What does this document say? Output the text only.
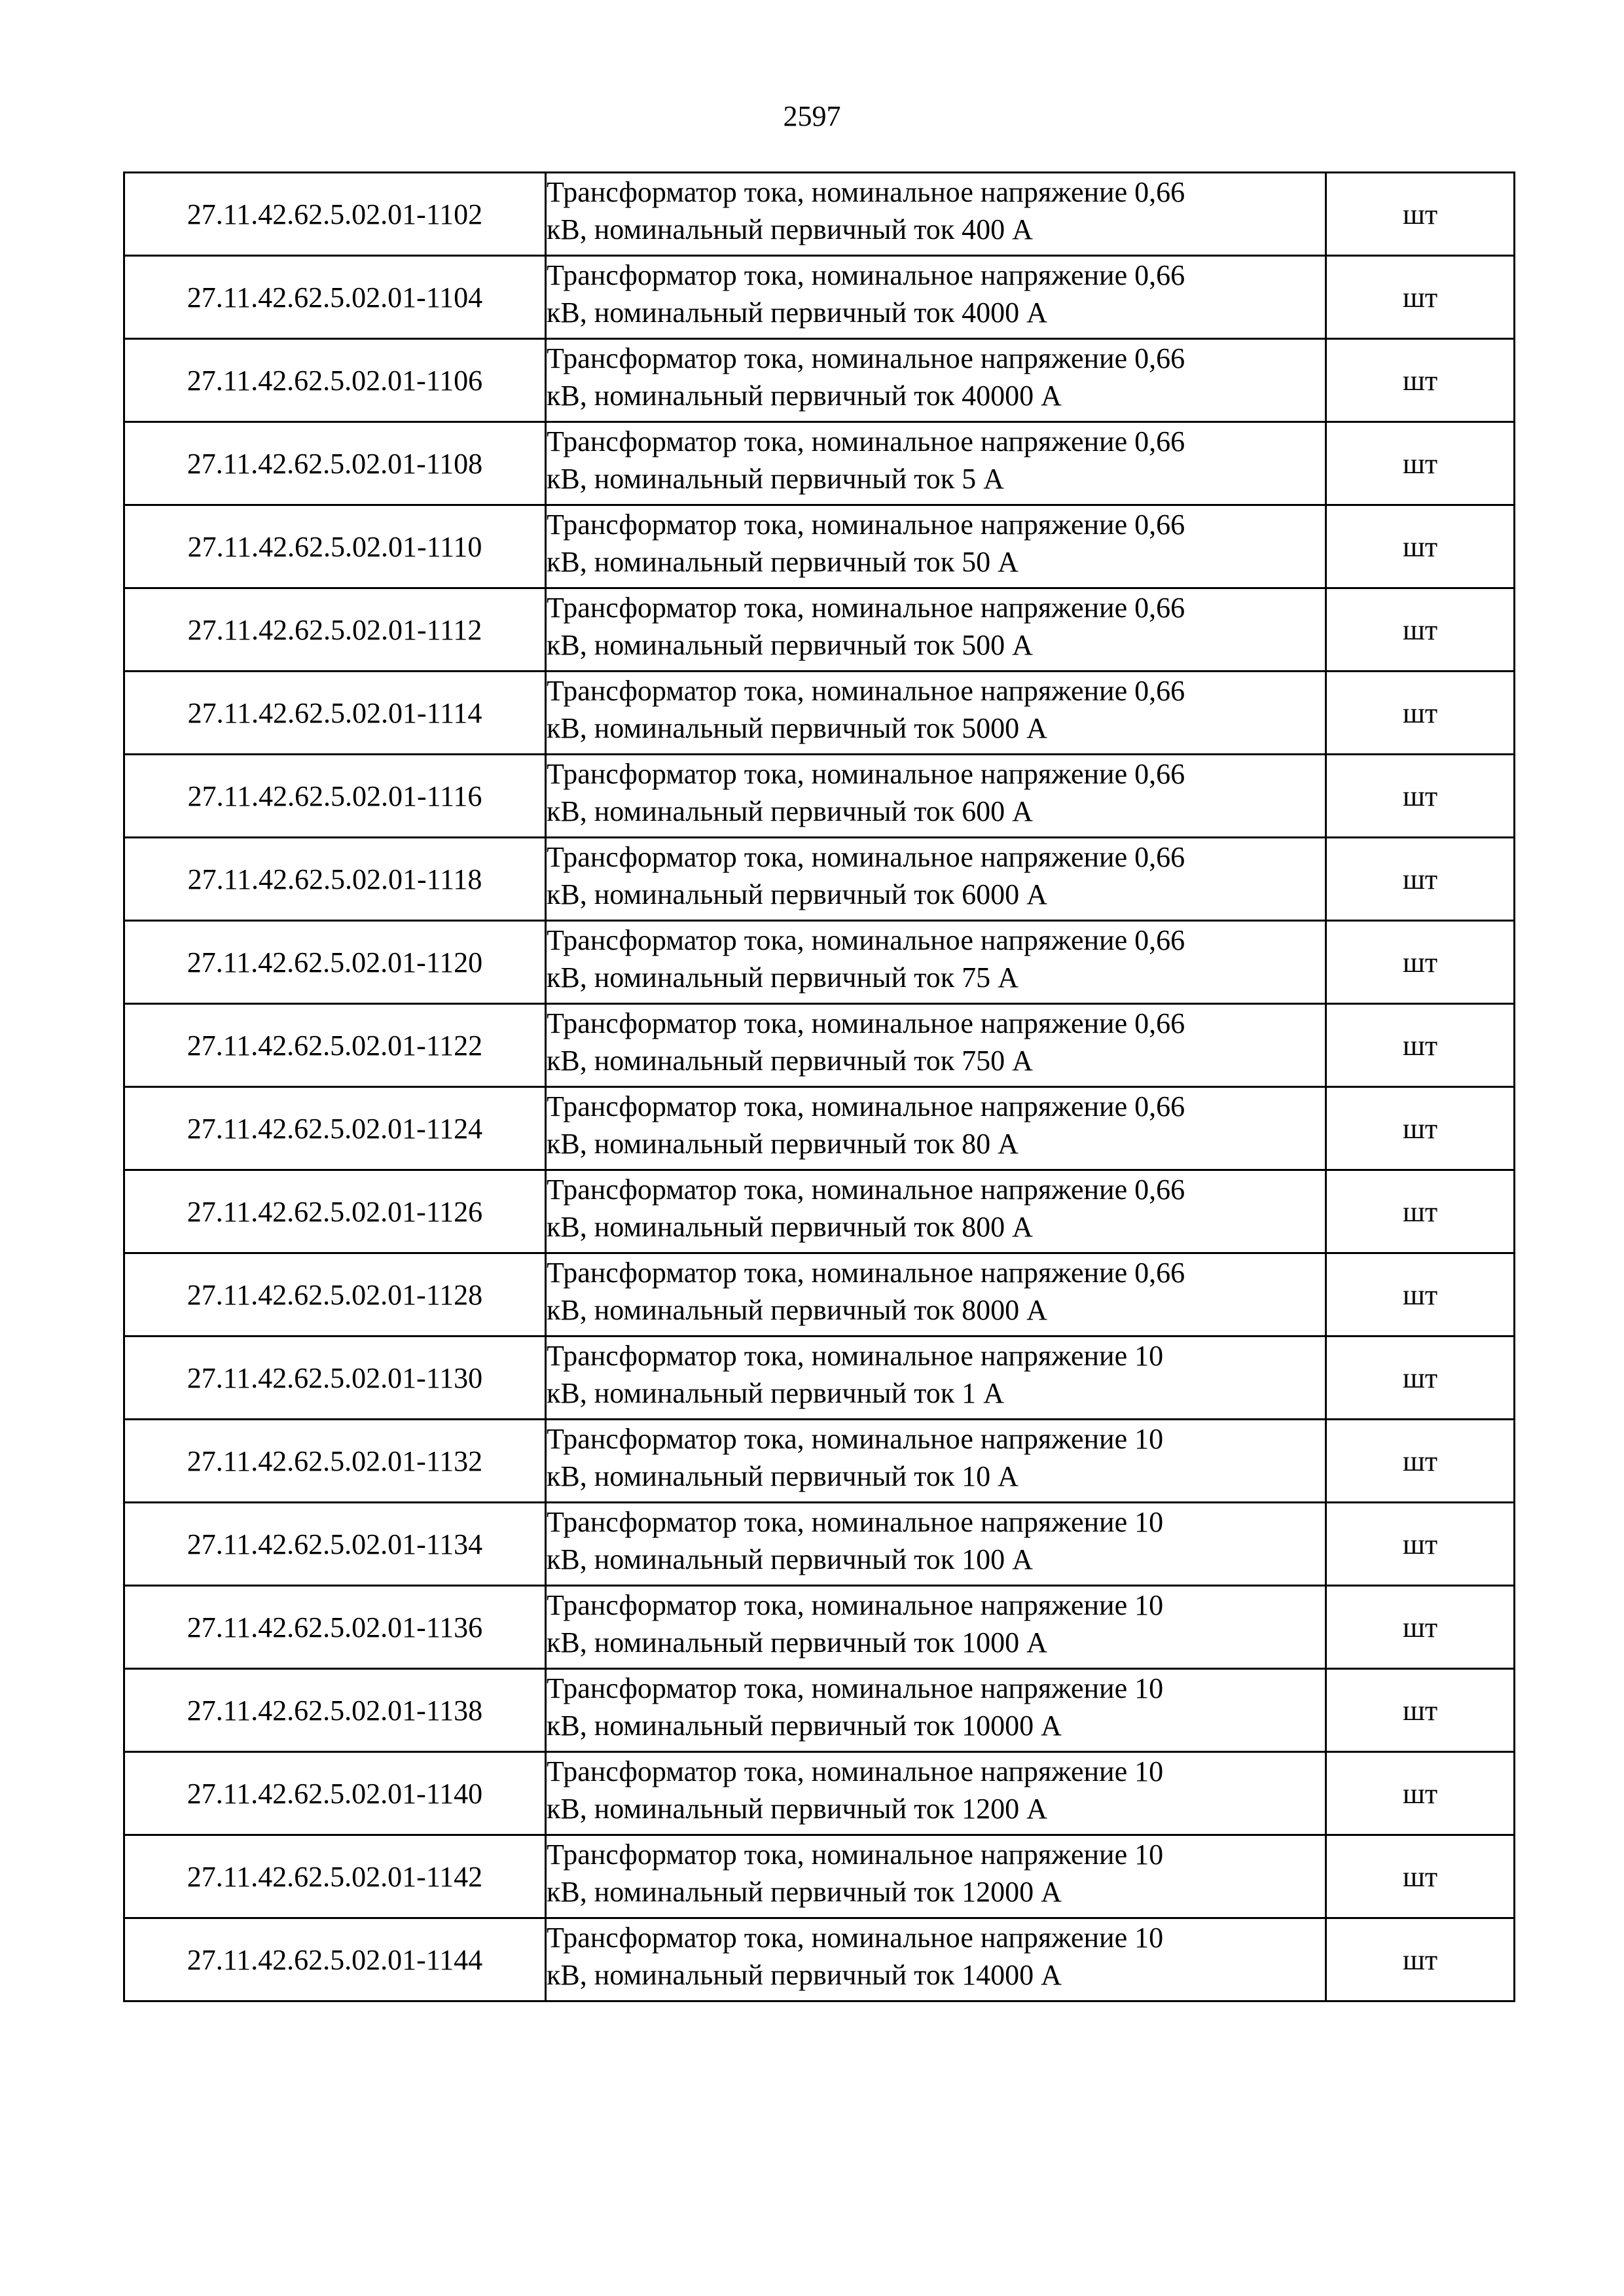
2597
27.11.42.62.5.02.01-1102	Трансформатор тока, номинальное напряжение 0,66
кВ, номинальный первичный ток 400 А	шт
27.11.42.62.5.02.01-1104	Трансформатор тока, номинальное напряжение 0,66
кВ, номинальный первичный ток 4000 А	шт
27.11.42.62.5.02.01-1106	Трансформатор тока, номинальное напряжение 0,66
кВ, номинальный первичный ток 40000 А	шт
27.11.42.62.5.02.01-1108	Трансформатор тока, номинальное напряжение 0,66
кВ, номинальный первичный ток 5 А	шт
27.11.42.62.5.02.01-1110	Трансформатор тока, номинальное напряжение 0,66
кВ, номинальный первичный ток 50 А	шт
27.11.42.62.5.02.01-1112	Трансформатор тока, номинальное напряжение 0,66
кВ, номинальный первичный ток 500 А	шт
27.11.42.62.5.02.01-1114	Трансформатор тока, номинальное напряжение 0,66
кВ, номинальный первичный ток 5000 А	шт
27.11.42.62.5.02.01-1116	Трансформатор тока, номинальное напряжение 0,66
кВ, номинальный первичный ток 600 А	шт
27.11.42.62.5.02.01-1118	Трансформатор тока, номинальное напряжение 0,66
кВ, номинальный первичный ток 6000 А	шт
27.11.42.62.5.02.01-1120	Трансформатор тока, номинальное напряжение 0,66
кВ, номинальный первичный ток 75 А	шт
27.11.42.62.5.02.01-1122	Трансформатор тока, номинальное напряжение 0,66
кВ, номинальный первичный ток 750 А	шт
27.11.42.62.5.02.01-1124	Трансформатор тока, номинальное напряжение 0,66
кВ, номинальный первичный ток 80 А	шт
27.11.42.62.5.02.01-1126	Трансформатор тока, номинальное напряжение 0,66
кВ, номинальный первичный ток 800 А	шт
27.11.42.62.5.02.01-1128	Трансформатор тока, номинальное напряжение 0,66
кВ, номинальный первичный ток 8000 А	шт
27.11.42.62.5.02.01-1130	Трансформатор тока, номинальное напряжение 10
кВ, номинальный первичный ток 1 А	шт
27.11.42.62.5.02.01-1132	Трансформатор тока, номинальное напряжение 10
кВ, номинальный первичный ток 10 А	шт
27.11.42.62.5.02.01-1134	Трансформатор тока, номинальное напряжение 10
кВ, номинальный первичный ток 100 А	шт
27.11.42.62.5.02.01-1136	Трансформатор тока, номинальное напряжение 10
кВ, номинальный первичный ток 1000 А	шт
27.11.42.62.5.02.01-1138	Трансформатор тока, номинальное напряжение 10
кВ, номинальный первичный ток 10000 А	шт
27.11.42.62.5.02.01-1140	Трансформатор тока, номинальное напряжение 10
кВ, номинальный первичный ток 1200 А	шт
27.11.42.62.5.02.01-1142	Трансформатор тока, номинальное напряжение 10
кВ, номинальный первичный ток 12000 А	шт
27.11.42.62.5.02.01-1144	Трансформатор тока, номинальное напряжение 10
кВ, номинальный первичный ток 14000 А	шт
